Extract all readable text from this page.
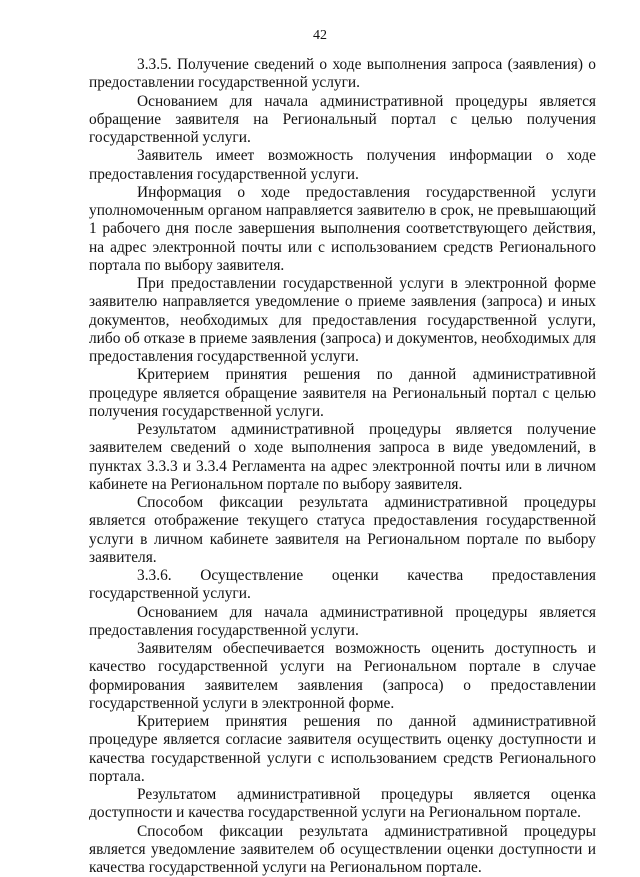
42

3.3.5. Получение сведений о ходе выполнения запроса (заявления) о предоставлении государственной услуги.

Основанием для начала административной процедуры является обращение заявителя на Региональный портал с целью получения государственной услуги.

Заявитель имеет возможность получения информации о ходе предоставления государственной услуги.

Информация о ходе предоставления государственной услуги уполномоченным органом направляется заявителю в срок, не превышающий 1 рабочего дня после завершения выполнения соответствующего действия, на адрес электронной почты или с использованием средств Регионального портала по выбору заявителя.

При предоставлении государственной услуги в электронной форме заявителю направляется уведомление о приеме заявления (запроса) и иных документов, необходимых для предоставления государственной услуги, либо об отказе в приеме заявления (запроса) и документов, необходимых для предоставления государственной услуги.

Критерием принятия решения по данной административной процедуре является обращение заявителя на Региональный портал с целью получения государственной услуги.

Результатом административной процедуры является получение заявителем сведений о ходе выполнения запроса в виде уведомлений, в пунктах 3.3.3 и 3.3.4 Регламента на адрес электронной почты или в личном кабинете на Региональном портале по выбору заявителя.

Способом фиксации результата административной процедуры является отображение текущего статуса предоставления государственной услуги в личном кабинете заявителя на Региональном портале по выбору заявителя.

3.3.6. Осуществление оценки качества предоставления государственной услуги.

Основанием для начала административной процедуры является предоставления государственной услуги.

Заявителям обеспечивается возможность оценить доступность и качество государственной услуги на Региональном портале в случае формирования заявителем заявления (запроса) о предоставлении государственной услуги в электронной форме.

Критерием принятия решения по данной административной процедуре является согласие заявителя осуществить оценку доступности и качества государственной услуги с использованием средств Регионального портала.

Результатом административной процедуры является оценка доступности и качества государственной услуги на Региональном портале.

Способом фиксации результата административной процедуры является уведомление заявителем об осуществлении оценки доступности и качества государственной услуги на Региональном портале.
